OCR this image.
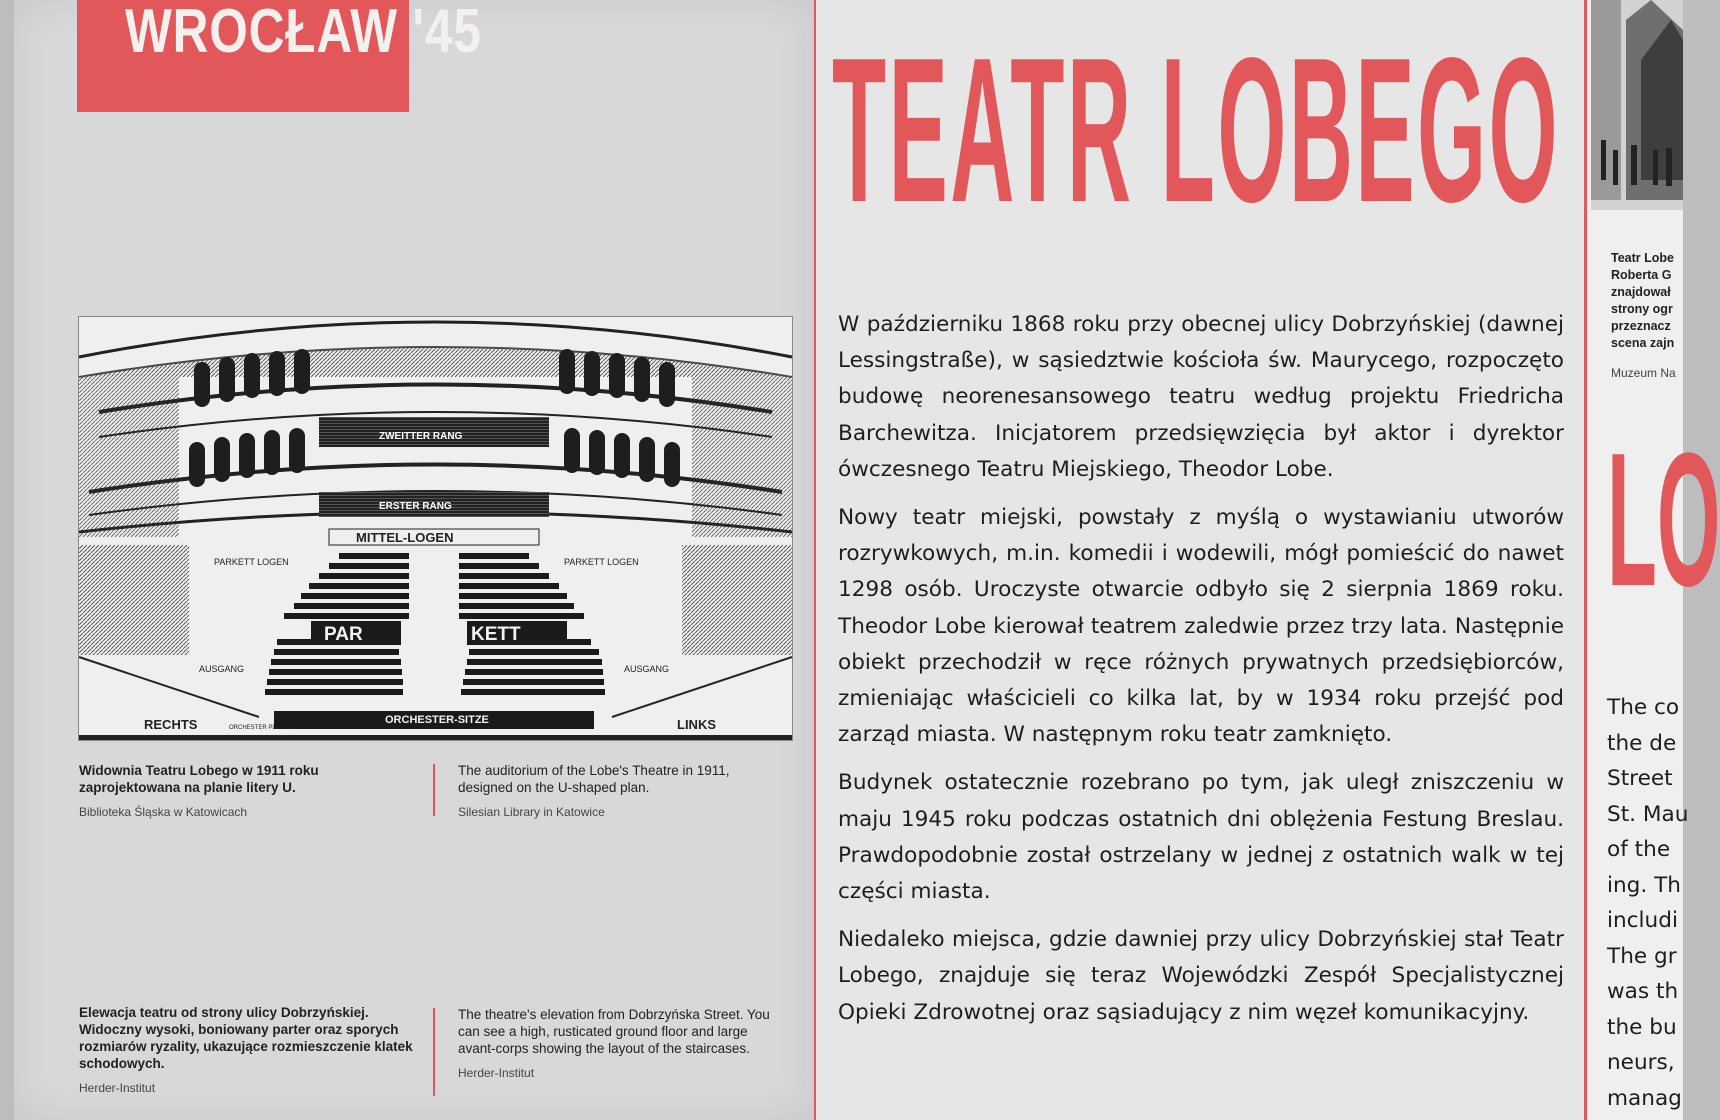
WROCŁAW '45
ZWEITTER RANG
ERSTER RANG
MITTEL-LOGEN
PARKETT LOGEN	PARKETT LOGEN
PAR	KETT
ORCHESTER-SITZE
AUSGANG	AUSGANG
RECHTS	LINKS
ORCHESTER PLÄTZE
Widownia Teatru Lobego w 1911 roku zaprojektowana na planie litery U.
Biblioteka Śląska w Katowicach
The auditorium of the Lobe's Theatre in 1911, designed on the U-shaped plan.
Silesian Library in Katowice
Elewacja teatru od strony ulicy Dobrzyńskiej. Widoczny wysoki, boniowany parter oraz sporych rozmiarów ryzality, ukazujące rozmieszczenie klatek schodowych.
Herder-Institut
The theatre's elevation from Dobrzyńska Street. You can see a high, rusticated ground floor and large avant-corps showing the layout of the staircases.
Herder-Institut
TEATR LOBEGO

W październiku 1868 roku przy obecnej ulicy Dobrzyńskiej (dawnej Lessingstraße), w sąsiedztwie kościoła św. Maurycego, rozpoczęto budowę neorenesansowego teatru według projektu Friedricha Barchewitza. Inicjatorem przedsięwzięcia był aktor i dyrektor ówczesnego Teatru Miejskiego, Theodor Lobe.

Nowy teatr miejski, powstały z myślą o wystawianiu utworów rozrywkowych, m.in. komedii i wodewili, mógł pomieścić do nawet 1298 osób. Uroczyste otwarcie odbyło się 2 sierpnia 1869 roku. Theodor Lobe kierował teatrem zaledwie przez trzy lata. Następnie obiekt przechodził w ręce różnych prywatnych przedsiębiorców, zmieniając właścicieli co kilka lat, by w 1934 roku przejść pod zarząd miasta. W następnym roku teatr zamknięto.

Budynek ostatecznie rozebrano po tym, jak uległ zniszczeniu w maju 1945 roku podczas ostatnich dni oblężenia Festung Breslau. Prawdopodobnie został ostrzelany w jednej z ostatnich walk w tej części miasta.

Niedaleko miejsca, gdzie dawniej przy ulicy Dobrzyńskiej stał Teatr Lobego, znajduje się teraz Wojewódzki Zespół Specjalistycznej Opieki Zdrowotnej oraz sąsiadujący z nim węzeł komunikacyjny.

Teatr Lobe
Roberta G
znajdował
strony ogr
przeznacz
scena zajn
Muzeum Na
LO
The co
the de
Street
St. Mau
of the
ing. Th
includi
The gr
was th
the bu
neurs,
manag
